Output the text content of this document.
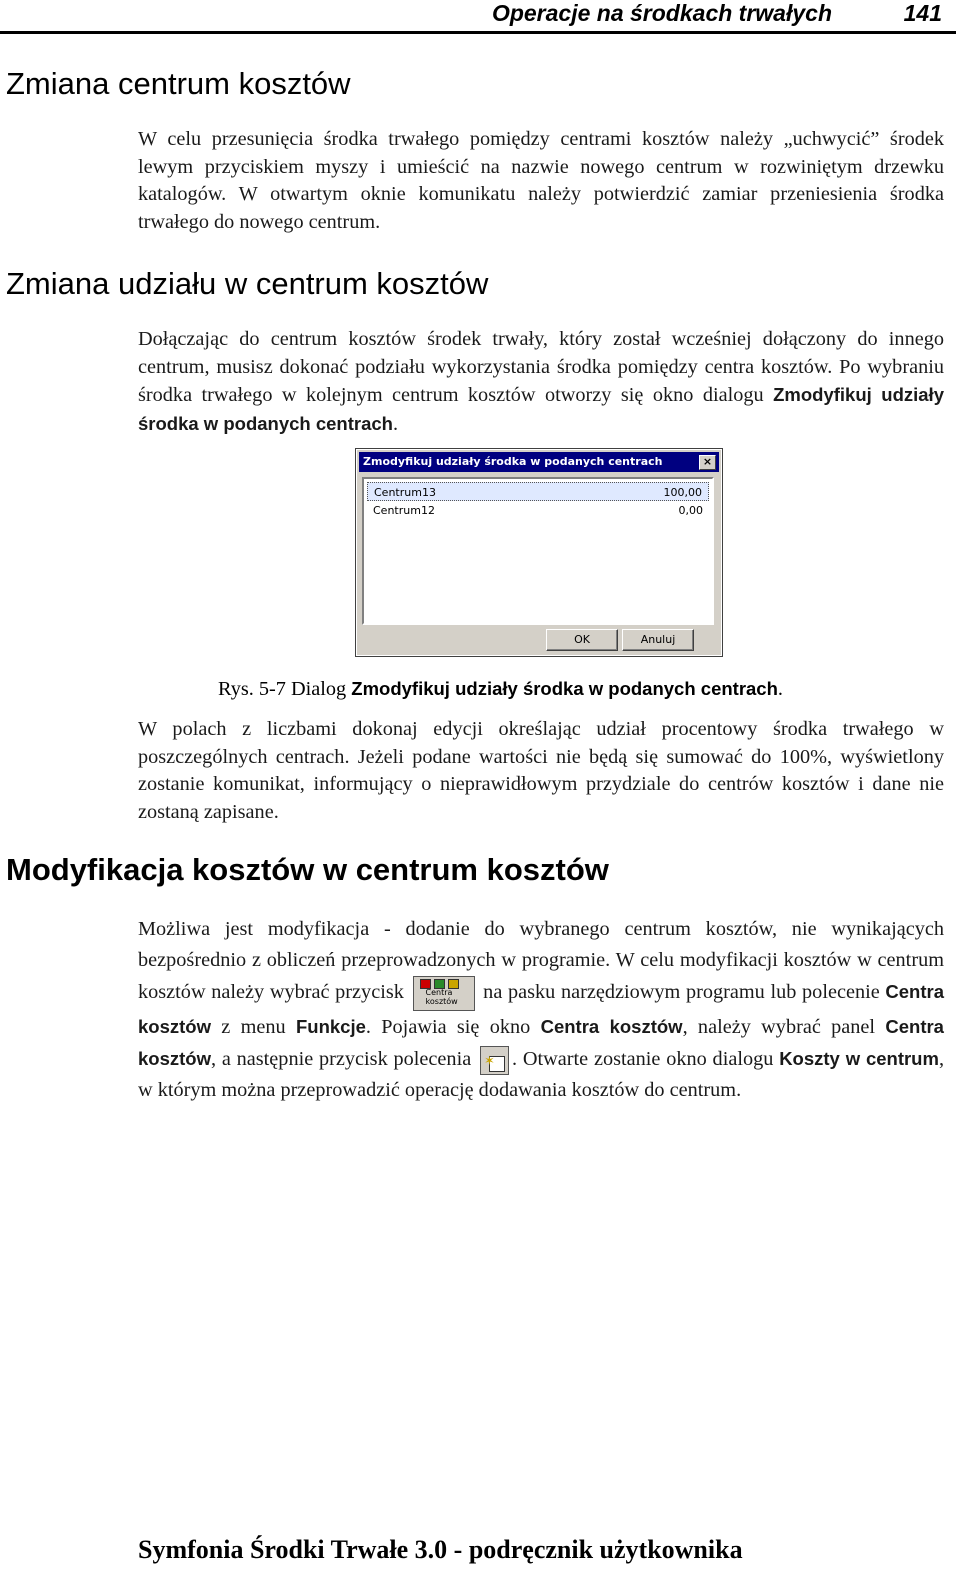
Operacje na środkach trwałych	141
Zmiana centrum kosztów

W celu przesunięcia środka trwałego pomiędzy centrami kosztów należy „uchwycić” środek lewym przyciskiem myszy i umieścić na nazwie nowego centrum w rozwiniętym drzewku katalogów. W otwartym oknie komunikatu należy potwierdzić zamiar przeniesienia środka trwałego do nowego centrum.

Zmiana udziału w centrum kosztów

Dołączając do centrum kosztów środek trwały, który został wcześniej dołączony do innego centrum, musisz dokonać podziału wykorzystania środka pomiędzy centra kosztów. Po wybraniu środka trwałego w kolejnym centrum kosztów otworzy się okno dialogu Zmodyfikuj udziały środka w podanych centrach.

Zmodyfikuj udziały środka w podanych centrach	×
Centrum13	100,00
Centrum12	0,00
OK	Anuluj

Rys. 5-7 Dialog Zmodyfikuj udziały środka w podanych centrach.

W polach z liczbami dokonaj edycji określając udział procentowy środka trwałego w poszczególnych centrach. Jeżeli podane wartości nie będą się sumować do 100%, wyświetlony zostanie komunikat, informujący o nieprawidłowym przydziale do centrów kosztów i dane nie zostaną zapisane.

Modyfikacja kosztów w centrum kosztów

Możliwa jest modyfikacja - dodanie do wybranego centrum kosztów, nie wynikających bezpośrednio z obliczeń przeprowadzonych w programie. W celu modyfikacji kosztów w centrum kosztów należy wybrać przycisk Centra kosztów na pasku narzędziowym programu lub polecenie Centra kosztów z menu Funkcje. Pojawia się okno Centra kosztów, należy wybrać panel Centra kosztów, a następnie przycisk polecenia ✶ . Otwarte zostanie okno dialogu Koszty w centrum, w którym można przeprowadzić operację dodawania kosztów do centrum.

Symfonia Środki Trwałe 3.0 - podręcznik użytkownika
